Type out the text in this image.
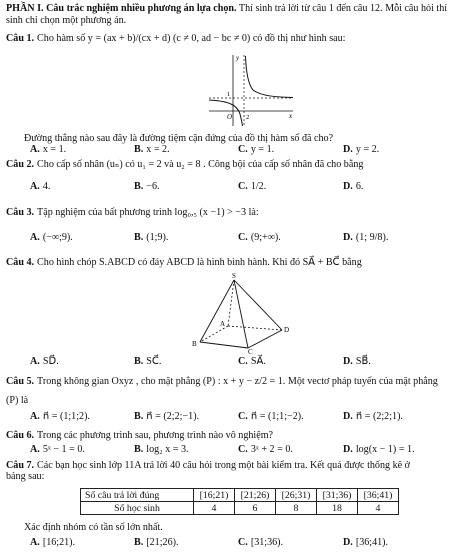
PHẦN I. Câu trắc nghiệm nhiều phương án lựa chọn. Thí sinh trả lời từ câu 1 đến câu 12. Mỗi câu hỏi thí
sinh chỉ chọn một phương án.
Câu 1. Cho hàm số y = (ax + b)/(cx + d) (c ≠ 0, ad − bc ≠ 0) có đồ thị như hình sau:
y
x
O 2
1
Đường thẳng nào sau đây là đường tiệm cận đứng của đồ thị hàm số đã cho?
A. x = 1.	B. x = 2.	C. y = 1.	D. y = 2.
Câu 2. Cho cấp số nhân (uₙ) có u₁ = 2 và u₂ = 8 . Công bội của cấp số nhân đã cho bằng
A. 4.	B. −6.	C. 1/2.	D. 6.
Câu 3. Tập nghiệm của bất phương trình log₀,₅ (x −1) > −3 là:
A. (−∞;9).	B. (1;9).	C. (9;+∞).	D. (1; 9/8).
Câu 4. Cho hình chóp S.ABCD có đáy ABCD là hình bình hành. Khi đó SA⃗ + BC⃗ bằng
S
A
B
C
D
A. SD⃗.	B. SC⃗.	C. SA⃗.	D. SB⃗.
Câu 5. Trong không gian Oxyz , cho mặt phẳng (P) : x + y − z/2 = 1. Một vectơ pháp tuyến của mặt phẳng
(P) là
A. n⃗ = (1;1;2).	B. n⃗ = (2;2;−1).	C. n⃗ = (1;1;−2).	D. n⃗ = (2;2;1).
Câu 6. Trong các phương trình sau, phương trình nào vô nghiệm?
A. 5ˣ − 1 = 0.	B. log₂ x = 3.	C. 3ˣ + 2 = 0.	D. log(x − 1) = 1.
Câu 7. Các bạn học sinh lớp 11A trả lời 40 câu hỏi trong một bài kiểm tra. Kết quả được thống kê ở
bảng sau:
Số câu trả lời đúng	[16;21)	[21;26)	[26;31)	[31;36)	[36;41)
Số học sinh	4	6	8	18	4
Xác định nhóm có tần số lớn nhất.
A. [16;21).	B. [21;26).	C. [31;36).	D. [36;41).
